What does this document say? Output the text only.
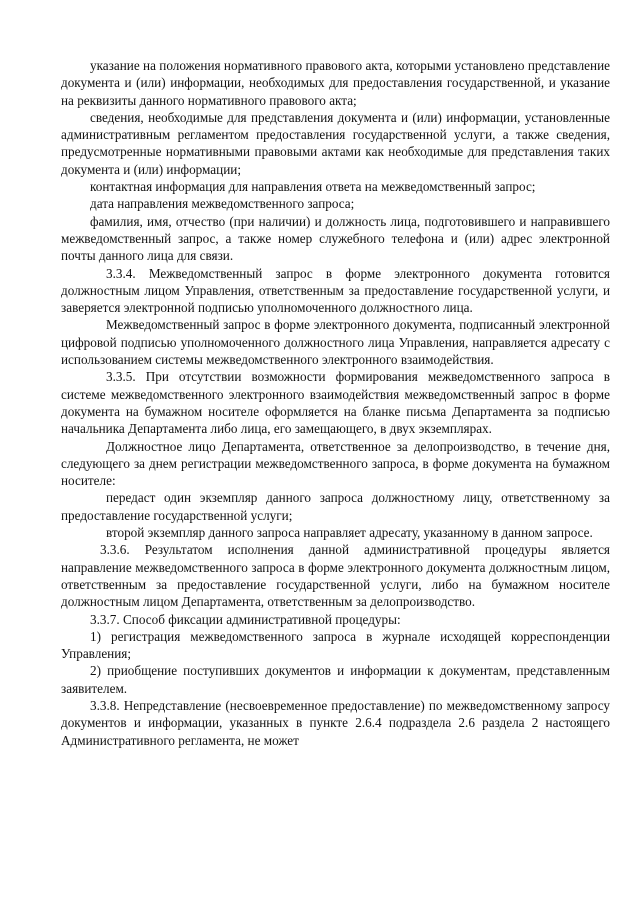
указание на положения нормативного правового акта, которыми установлено представление документа и (или) информации, необходимых для предоставления государственной, и указание на реквизиты данного нормативного правового акта;

сведения, необходимые для представления документа и (или) информации, установленные административным регламентом предоставления государственной услуги, а также сведения, предусмотренные нормативными правовыми актами как необходимые для представления таких документа и (или) информации;

контактная информация для направления ответа на межведомственный запрос;

дата направления межведомственного запроса;

фамилия, имя, отчество (при наличии) и должность лица, подготовившего и направившего межведомственный запрос, а также номер служебного телефона и (или) адрес электронной почты данного лица для связи.

3.3.4. Межведомственный запрос в форме электронного документа готовится должностным лицом Управления, ответственным за предоставление государственной услуги, и заверяется электронной подписью уполномоченного должностного лица.

Межведомственный запрос в форме электронного документа, подписанный электронной цифровой подписью уполномоченного должностного лица Управления, направляется адресату с использованием системы межведомственного электронного взаимодействия.

3.3.5. При отсутствии возможности формирования межведомственного запроса в системе межведомственного электронного взаимодействия межведомственный запрос в форме документа на бумажном носителе оформляется на бланке письма Департамента за подписью начальника Департамента либо лица, его замещающего, в двух экземплярах.

Должностное лицо Департамента, ответственное за делопроизводство, в течение дня, следующего за днем регистрации межведомственного запроса, в форме документа на бумажном носителе:

передаст один экземпляр данного запроса должностному лицу, ответственному за предоставление государственной услуги;

второй экземпляр данного запроса направляет адресату, указанному в данном запросе.

3.3.6. Результатом исполнения данной административной процедуры является направление межведомственного запроса в форме электронного документа должностным лицом, ответственным за предоставление государственной услуги, либо на бумажном носителе должностным лицом Департамента, ответственным за делопроизводство.

3.3.7. Способ фиксации административной процедуры:

1) регистрация межведомственного запроса в журнале исходящей корреспонденции Управления;

2) приобщение поступивших документов и информации к документам, представленным заявителем.

3.3.8. Непредставление (несвоевременное предоставление) по межведомственному запросу документов и информации, указанных в пункте 2.6.4 подраздела 2.6 раздела 2 настоящего Административного регламента, не может
